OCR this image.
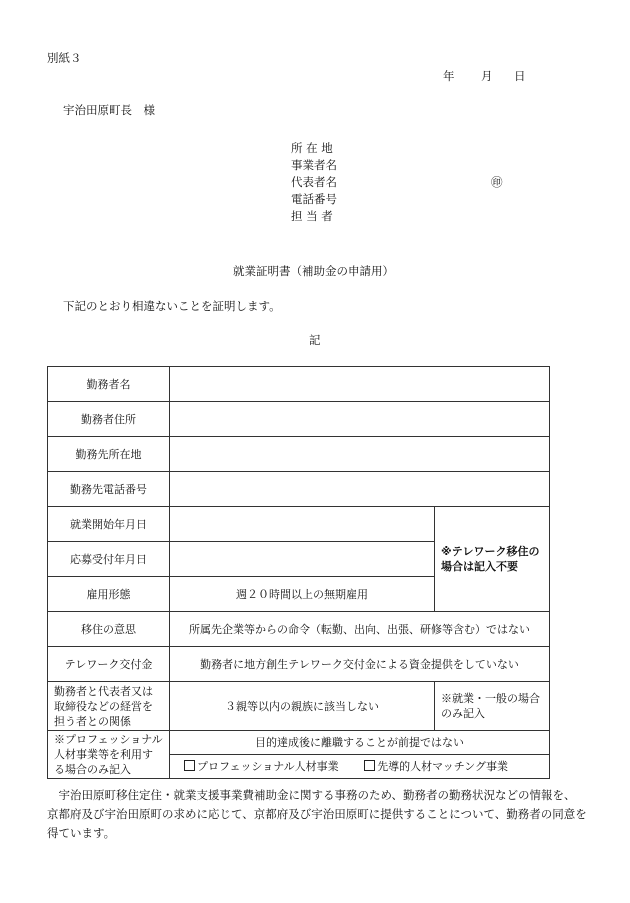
別紙３
年 月 日
宇治田原町長　様
所 在 地
事業者名
代表者名	㊞
電話番号
担 当 者
就業証明書（補助金の申請用）
下記のとおり相違ないことを証明します。
記
勤務者名		
勤務者住所		
勤務先所在地		
勤務先電話番号		
就業開始年月日		※テレワーク移住の場合は記入不要
応募受付年月日		
雇用形態	週２０時間以上の無期雇用	
移住の意思	所属先企業等からの命令（転勤、出向、出張、研修等含む）ではない	
テレワーク交付金	勤務者に地方創生テレワーク交付金による資金提供をしていない	
勤務者と代表者又は取締役などの経営を担う者との関係	３親等以内の親族に該当しない	※就業・一般の場合のみ記入
※プロフェッショナル人材事業等を利用する場合のみ記入	目的達成後に離職することが前提ではない	
	プロフェッショナル人材事業 先導的人材マッチング事業	
宇治田原町移住定住・就業支援事業費補助金に関する事務のため、勤務者の勤務状況などの情報を、京都府及び宇治田原町の求めに応じて、京都府及び宇治田原町に提供することについて、勤務者の同意を得ています。
